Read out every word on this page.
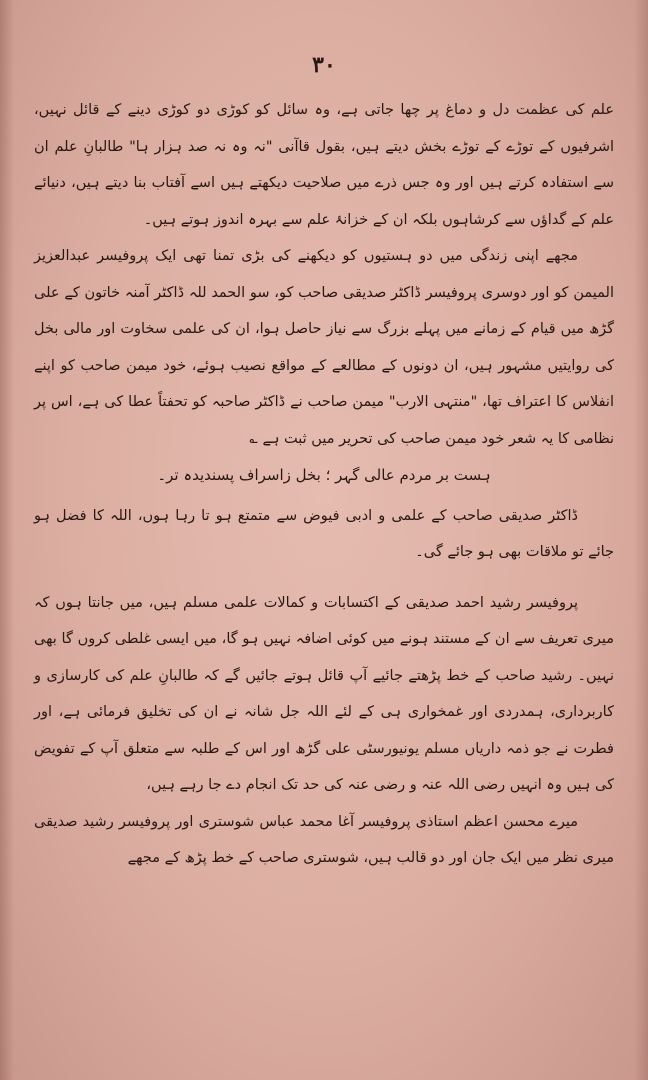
۳۰

علم کی عظمت دل و دماغ پر چھا جاتی ہے، وہ سائل کو کوڑی دو کوڑی دینے کے قائل نہیں، اشرفیوں کے توڑے کے توڑے بخش دیتے ہیں، بقول قاآنی "نہ وہ نہ صد ہزار ہا" طالبانِ علم ان سے استفادہ کرتے ہیں اور وہ جس ذرے میں صلاحیت دیکھتے ہیں اسے آفتاب بنا دیتے ہیں، دنیائے علم کے گداؤں سے کرشاہوں بلکہ ان کے خزانۂ علم سے بہرہ اندوز ہوتے ہیں۔

مجھے اپنی زندگی میں دو ہستیوں کو دیکھنے کی بڑی تمنا تھی ایک پروفیسر عبدالعزیز المیمن کو اور دوسری پروفیسر ڈاکٹر صدیقی صاحب کو، سو الحمد للہ ڈاکٹر آمنہ خاتون کے علی گڑھ میں قیام کے زمانے میں پہلے بزرگ سے نیاز حاصل ہوا، ان کی علمی سخاوت اور مالی بخل کی روایتیں مشہور ہیں، ان دونوں کے مطالعے کے مواقع نصیب ہوئے، خود میمن صاحب کو اپنے انفلاس کا اعتراف تھا، "منتہی الارب" میمن صاحب نے ڈاکٹر صاحبہ کو تحفتاً عطا کی ہے، اس پر نظامی کا یہ شعر خود میمن صاحب کی تحریر میں ثبت ہے ؎

ہست بر مردم عالی گہر ؛ بخل زاسراف پسندیدہ تر۔

ڈاکٹر صدیقی صاحب کے علمی و ادبی فیوض سے متمتع ہو تا رہا ہوں، اللہ کا فضل ہو جائے تو ملاقات بھی ہو جائے گی۔

پروفیسر رشید احمد صدیقی کے اکتسابات و کمالات علمی مسلم ہیں، میں جانتا ہوں کہ میری تعریف سے ان کے مستند ہونے میں کوئی اضافہ نہیں ہو گا، میں ایسی غلطی کروں گا بھی نہیں۔ رشید صاحب کے خط پڑھتے جائیے آپ قائل ہوتے جائیں گے کہ طالبانِ علم کی کارسازی و کاربرداری، ہمدردی اور غمخواری ہی کے لئے اللہ جل شانہ نے ان کی تخلیق فرمائی ہے، اور فطرت نے جو ذمہ داریاں مسلم یونیورسٹی علی گڑھ اور اس کے طلبہ سے متعلق آپ کے تفویض کی ہیں وہ انہیں رضی اللہ عنہ و رضی عنہ کی حد تک انجام دے جا رہے ہیں،

میرے محسن اعظم استاذی پروفیسر آغا محمد عباس شوستری اور پروفیسر رشید صدیقی میری نظر میں ایک جان اور دو قالب ہیں، شوستری صاحب کے خط پڑھ کے مجھے
